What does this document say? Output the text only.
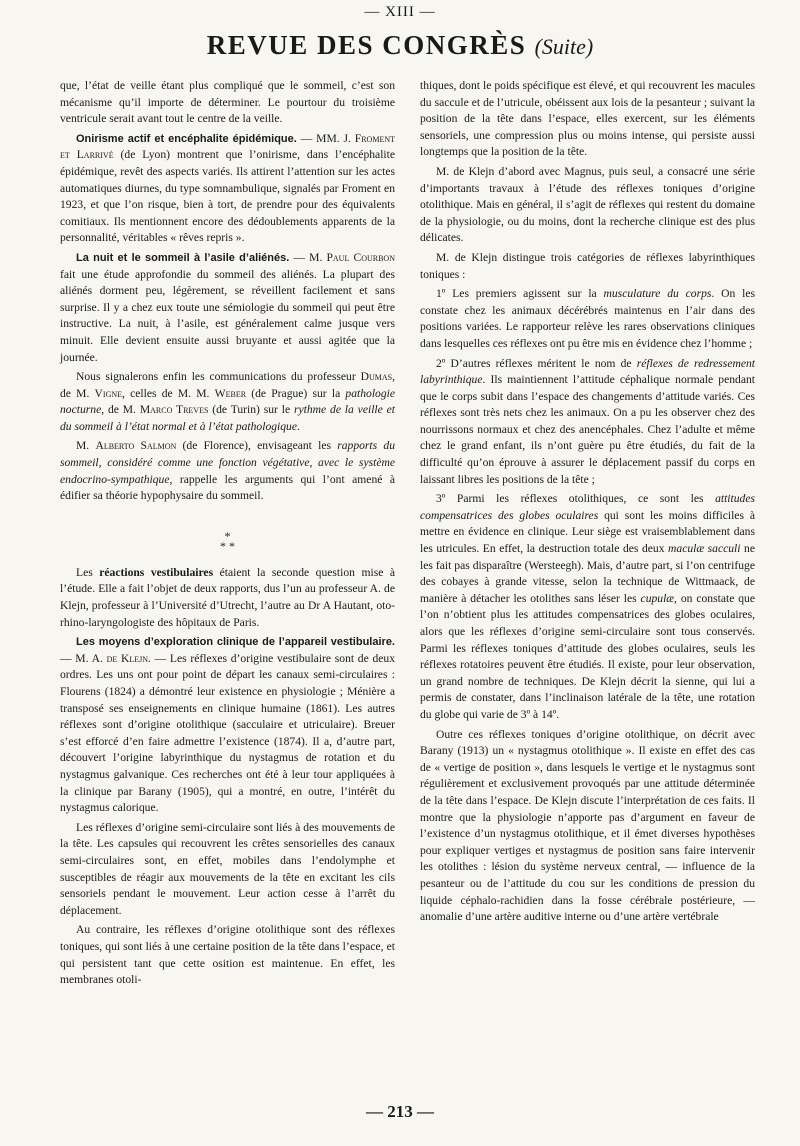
— XIII —
REVUE DES CONGRÈS (Suite)

que, l’état de veille étant plus compliqué que le sommeil, c’est son mécanisme qu’il importe de déterminer. Le pourtour du troisième ventricule serait avant tout le centre de la veille.

Onirisme actif et encéphalite épidémique. — MM. J. Froment et Larrivé (de Lyon) montrent que l’onirisme, dans l’encéphalite épidémique, revêt des aspects variés. Ils attirent l’attention sur les actes automatiques diurnes, du type somnambulique, signalés par Froment en 1923, et que l’on risque, bien à tort, de prendre pour des équivalents comitiaux. Ils mentionnent encore des dédoublements apparents de la personnalité, véritables « rêves repris ».

La nuit et le sommeil à l’asile d’aliénés. — M. Paul Courbon fait une étude approfondie du sommeil des aliénés. La plupart des aliénés dorment peu, légèrement, se réveillent facilement et sans surprise. Il y a chez eux toute une sémiologie du sommeil qui peut être instructive. La nuit, à l’asile, est généralement calme jusque vers minuit. Elle devient ensuite aussi bruyante et aussi agitée que la journée.

Nous signalerons enfin les communications du professeur Dumas, de M. Vigne, celles de M. M. Weber (de Prague) sur la pathologie nocturne, de M. Marco Treves (de Turin) sur le rythme de la veille et du sommeil à l’état normal et à l’état pathologique.

M. Alberto Salmon (de Florence), envisageant les rapports du sommeil, considéré comme une fonction végétative, avec le système endocrino-sympathique, rappelle les arguments qui l’ont amené à édifier sa théorie hypophysaire du sommeil.

*
* *

Les réactions vestibulaires étaient la seconde question mise à l’étude. Elle a fait l’objet de deux rapports, dus l’un au professeur A. de Klejn, professeur à l’Université d’Utrecht, l’autre au Dr A Hautant, oto-rhino-laryngologiste des hôpitaux de Paris.

Les moyens d’exploration clinique de l’appareil vestibulaire. — M. A. de Klejn. — Les réflexes d’origine vestibulaire sont de deux ordres. Les uns ont pour point de départ les canaux semi-circulaires : Flourens (1824) a démontré leur existence en physiologie ; Ménière a transposé ses enseignements en clinique humaine (1861). Les autres réflexes sont d’origine otolithique (sacculaire et utriculaire). Breuer s’est efforcé d’en faire admettre l’existence (1874). Il a, d’autre part, découvert l’origine labyrinthique du nystagmus de rotation et du nystagmus galvanique. Ces recherches ont été à leur tour appliquées à la clinique par Barany (1905), qui a montré, en outre, l’intérêt du nystagmus calorique.

Les réflexes d’origine semi-circulaire sont liés à des mouvements de la tête. Les capsules qui recouvrent les crêtes sensorielles des canaux semi-circulaires sont, en effet, mobiles dans l’endolymphe et susceptibles de réagir aux mouvements de la tête en excitant les cils sensoriels pendant le mouvement. Leur action cesse à l’arrêt du déplacement.

Au contraire, les réflexes d’origine otolithique sont des réflexes toniques, qui sont liés à une certaine position de la tête dans l’espace, et qui persistent tant que cette osition est maintenue. En effet, les membranes otoli-

thiques, dont le poids spécifique est élevé, et qui recouvrent les macules du saccule et de l’utricule, obéissent aux lois de la pesanteur ; suivant la position de la tête dans l’espace, elles exercent, sur les éléments sensoriels, une compression plus ou moins intense, qui persiste aussi longtemps que la position de la tête.

M. de Klejn d’abord avec Magnus, puis seul, a consacré une série d’importants travaux à l’étude des réflexes toniques d’origine otolithique. Mais en général, il s’agit de réflexes qui restent du domaine de la physiologie, ou du moins, dont la recherche clinique est des plus délicates.

M. de Klejn distingue trois catégories de réflexes labyrinthiques toniques :

1º Les premiers agissent sur la musculature du corps. On les constate chez les animaux décérébrés maintenus en l’air dans des positions variées. Le rapporteur relève les rares observations cliniques dans lesquelles ces réflexes ont pu être mis en évidence chez l’homme ;

2º D’autres réflexes méritent le nom de réflexes de redressement labyrinthique. Ils maintiennent l’attitude céphalique normale pendant que le corps subit dans l’espace des changements d’attitude variés. Ces réflexes sont très nets chez les animaux. On a pu les observer chez des nourrissons normaux et chez des anencéphales. Chez l’adulte et même chez le grand enfant, ils n’ont guère pu être étudiés, du fait de la difficulté qu’on éprouve à assurer le déplacement passif du corps en laissant libres les positions de la tête ;

3º Parmi les réflexes otolithiques, ce sont les attitudes compensatrices des globes oculaires qui sont les moins difficiles à mettre en évidence en clinique. Leur siège est vraisemblablement dans les utricules. En effet, la destruction totale des deux maculæ sacculi ne les fait pas disparaître (Wersteegh). Mais, d’autre part, si l’on centrifuge des cobayes à grande vitesse, selon la technique de Wittmaack, de manière à détacher les otolithes sans léser les cupulæ, on constate que l’on n’obtient plus les attitudes compensatrices des globes oculaires, alors que les réflexes d’origine semi-circulaire sont tous conservés. Parmi les réflexes toniques d’attitude des globes oculaires, seuls les réflexes rotatoires peuvent être étudiés. Il existe, pour leur observation, un grand nombre de techniques. De Klejn décrit la sienne, qui lui a permis de constater, dans l’inclinaison latérale de la tête, une rotation du globe qui varie de 3º à 14º.

Outre ces réflexes toniques d’origine otolithique, on décrit avec Barany (1913) un « nystagmus otolithique ». Il existe en effet des cas de « vertige de position », dans lesquels le vertige et le nystagmus sont régulièrement et exclusivement provoqués par une attitude déterminée de la tête dans l’espace. De Klejn discute l’interprétation de ces faits. Il montre que la physiologie n’apporte pas d’argument en faveur de l’existence d’un nystagmus otolithique, et il émet diverses hypothèses pour expliquer vertiges et nystagmus de position sans faire intervenir les otolithes : lésion du système nerveux central, — influence de la pesanteur ou de l’attitude du cou sur les conditions de pression du liquide céphalo-rachidien dans la fosse cérébrale postérieure, — anomalie d’une artère auditive interne ou d’une artère vertébrale

— 213 —
